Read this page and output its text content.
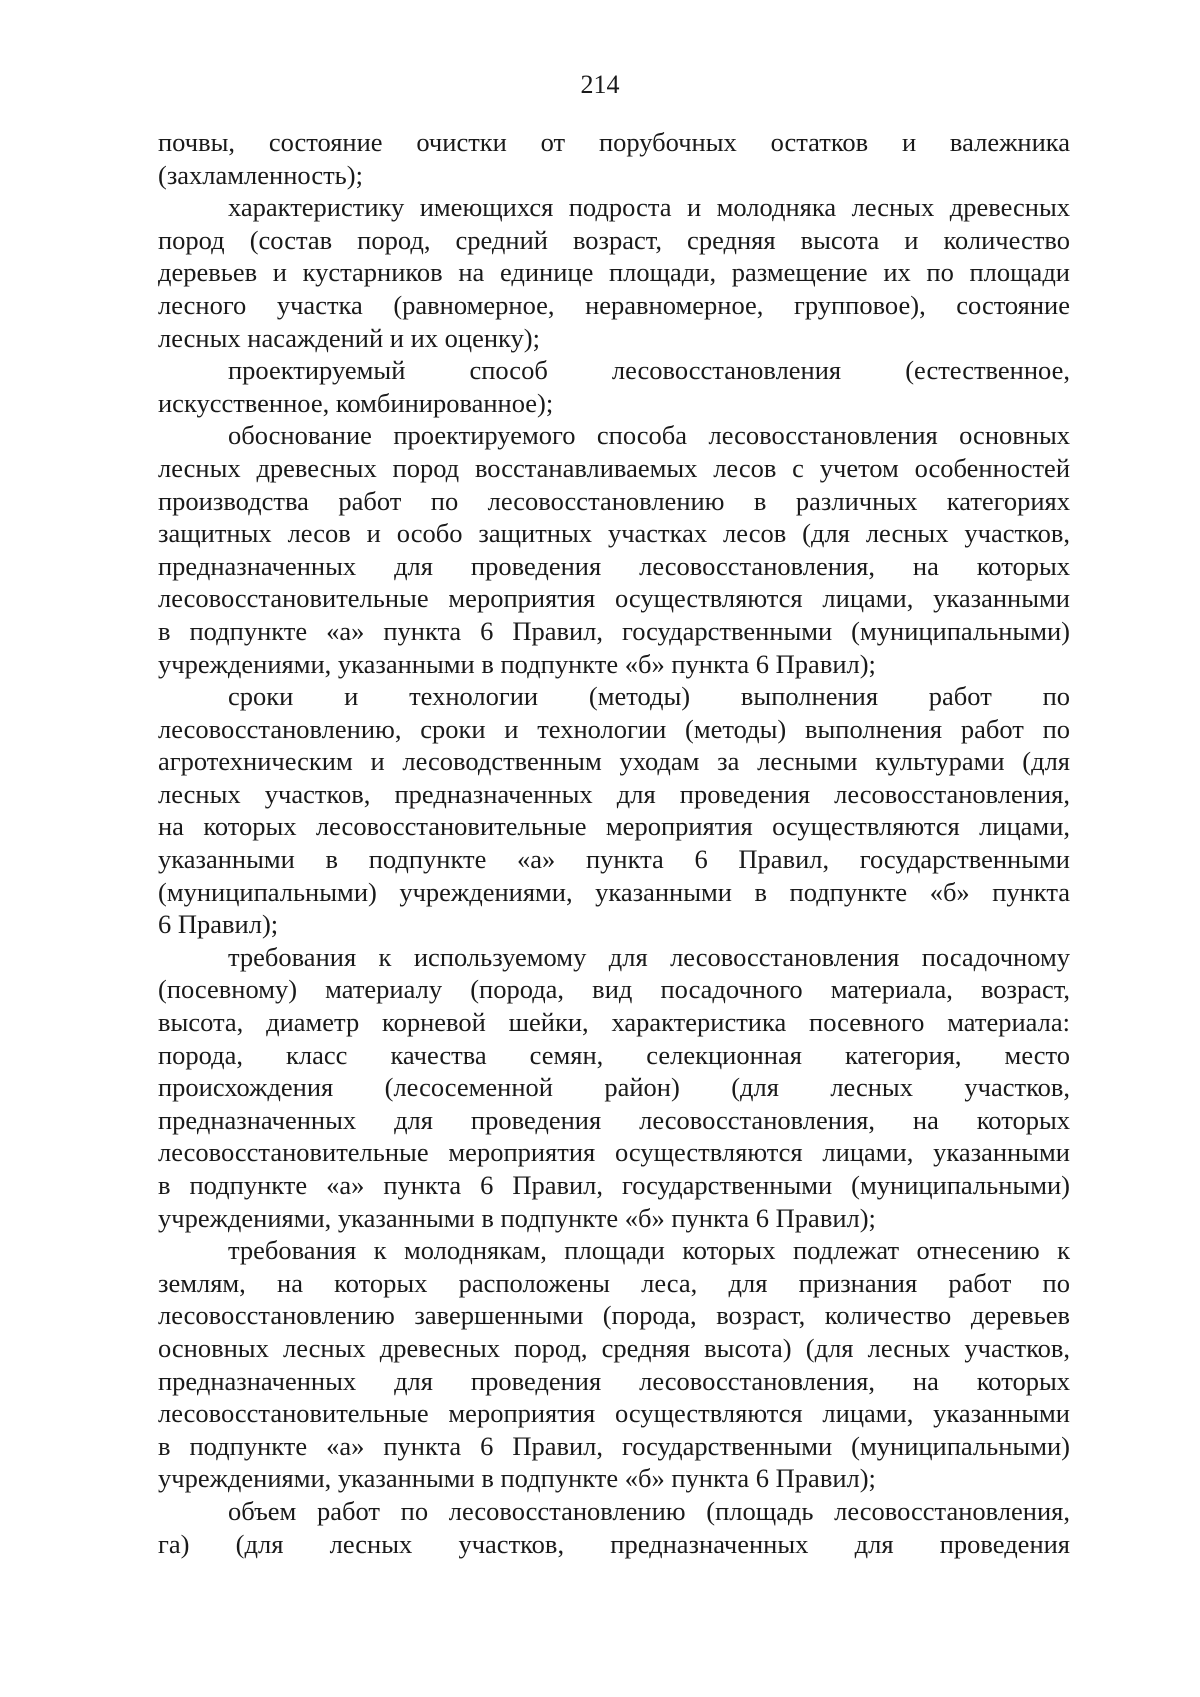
214
почвы, состояние очистки от порубочных остатков и валежника
(захламленность);
характеристику имеющихся подроста и молодняка лесных древесных
пород (состав пород, средний возраст, средняя высота и количество
деревьев и кустарников на единице площади, размещение их по площади
лесного участка (равномерное, неравномерное, групповое), состояние
лесных насаждений и их оценку);
проектируемый способ лесовосстановления (естественное,
искусственное, комбинированное);
обоснование проектируемого способа лесовосстановления основных
лесных древесных пород восстанавливаемых лесов с учетом особенностей
производства работ по лесовосстановлению в различных категориях
защитных лесов и особо защитных участках лесов (для лесных участков,
предназначенных для проведения лесовосстановления, на которых
лесовосстановительные мероприятия осуществляются лицами, указанными
в подпункте «а» пункта 6 Правил, государственными (муниципальными)
учреждениями, указанными в подпункте «б» пункта 6 Правил);
сроки и технологии (методы) выполнения работ по
лесовосстановлению, сроки и технологии (методы) выполнения работ по
агротехническим и лесоводственным уходам за лесными культурами (для
лесных участков, предназначенных для проведения лесовосстановления,
на которых лесовосстановительные мероприятия осуществляются лицами,
указанными в подпункте «а» пункта 6 Правил, государственными
(муниципальными) учреждениями, указанными в подпункте «б» пункта
6 Правил);
требования к используемому для лесовосстановления посадочному
(посевному) материалу (порода, вид посадочного материала, возраст,
высота, диаметр корневой шейки, характеристика посевного материала:
порода, класс качества семян, селекционная категория, место
происхождения (лесосеменной район) (для лесных участков,
предназначенных для проведения лесовосстановления, на которых
лесовосстановительные мероприятия осуществляются лицами, указанными
в подпункте «а» пункта 6 Правил, государственными (муниципальными)
учреждениями, указанными в подпункте «б» пункта 6 Правил);
требования к молоднякам, площади которых подлежат отнесению к
землям, на которых расположены леса, для признания работ по
лесовосстановлению завершенными (порода, возраст, количество деревьев
основных лесных древесных пород, средняя высота) (для лесных участков,
предназначенных для проведения лесовосстановления, на которых
лесовосстановительные мероприятия осуществляются лицами, указанными
в подпункте «а» пункта 6 Правил, государственными (муниципальными)
учреждениями, указанными в подпункте «б» пункта 6 Правил);
объем работ по лесовосстановлению (площадь лесовосстановления,
га) (для лесных участков, предназначенных для проведения
